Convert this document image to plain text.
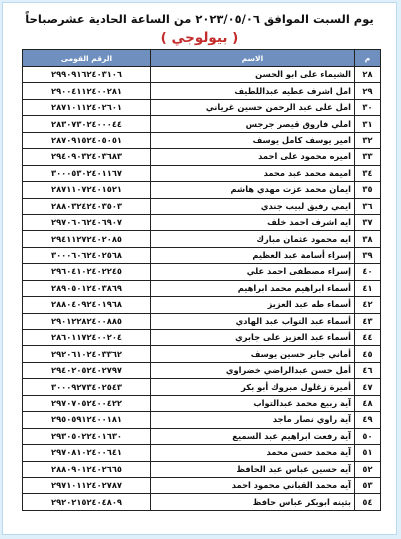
يوم السبت الموافق ٢٠٢٣/٠٥/٠٦ من الساعة الحادية عشرصباحاً
( بيولوجي )
م	الاسم	الرقم القومى
٢٨	الشيماء على ابو الحسن	٢٩٩٠٩١٦٢٤٠٣١٠٦
٢٩	امل اشرف عطيه عبداللطيف	٢٩٠٠٤١١٢٤٠٠٢٨١
٣٠	امل على عبد الرحمن حسين غرياني	٢٨٧١٠١١٢٤٠٢٦٠١
٣١	املي فاروق قيصر جرجس	٢٨٣٠٧٣٠٢٤٠٠٠٤٤
٣٢	امير يوسف كامل يوسف	٢٨٧٠٩١٥٢٤٠٥٠٥١
٣٣	اميره محمود على احمد	٢٩٤٠٩٠٣٢٤٠٣٦٨٣
٣٤	اميمة محمد عبد محمد	٣٠٠٠٥٣٠٢٤٠١١٦٧
٣٥	ايمان محمد عزت مهدي هاشم	٢٨٧١١٠٧٢٤٠١٥٢١
٣٦	ايمي رفيق لبيب جندي	٢٨٨٠٣٢٤٢٤٠٣٥٠٣
٣٧	ايه اشرف احمد خلف	٢٩٧٠٦٠٦٢٤٠٦٩٠٧
٣٨	ايه محمود عثمان مبارك	٢٩٤١١٢٧٢٤٠٢٠٨٥
٣٩	إسراء أسامة عبد العظيم	٣٠٠٠٦٠٦٢٤٠٢٥٦٨
٤٠	إسراء مصطفى احمد علي	٢٩٦٠٤١٠٢٤٠٢٢٤٥
٤١	أسماء ابراهيم محمد ابراهيم	٢٨٩٠٥٠١٢٤٠٣٨٦٩
٤٢	أسماء طه عبد العزيز	٢٨٨٠٤٠٩٢٤٠١٩٦٨
٤٣	أسماء عبد التواب عبد الهادي	٢٩٠١٢٢٨٢٤٠٠٨٨٥
٤٤	أسماء عبد العزيز على جابري	٢٨٦٠١١٧٢٤٠٠٢٠٤
٤٥	أماني جابر حسين يوسف	٢٩٢٠٦١٠٢٤٠٣٣٦٢
٤٦	أمل حسن عبدالراضي خضراوي	٢٩٤٠٢٠٥٢٤٠٢٧٩٧
٤٧	أميرة زغلول مبروك أبو بكر	٣٠٠٠٩٢٧٣٤٠٢٥٤٣
٤٨	آية ربيع محمد عبدالتواب	٢٩٧٠٧٠٥٢٤٠٠٤٢٢
٤٩	آية راوي نصار ماجد	٢٩٥٠٥٩١٢٤٠٠١٨١
٥٠	آية رفعت ابراهيم عبد السميع	٢٩٣٠٥٠٢٢٤٠١٦٣٠
٥١	آية محمد حسن محمد	٢٩٧٠٨١٠٢٤٠٠٦٤١
٥٢	آيه حسين عباس عبد الحافظ	٢٨٨٠٩٠١٢٤٠٢٦٦٥
٥٣	آيه محمد القباني محمود احمد	٢٩٧١٠١١٢٤٠٢٧٨٧
٥٤	بثينه ابوبكر عباس حافظ	٢٩٢٠٢١٥٢٤٠٤٨٠٩
